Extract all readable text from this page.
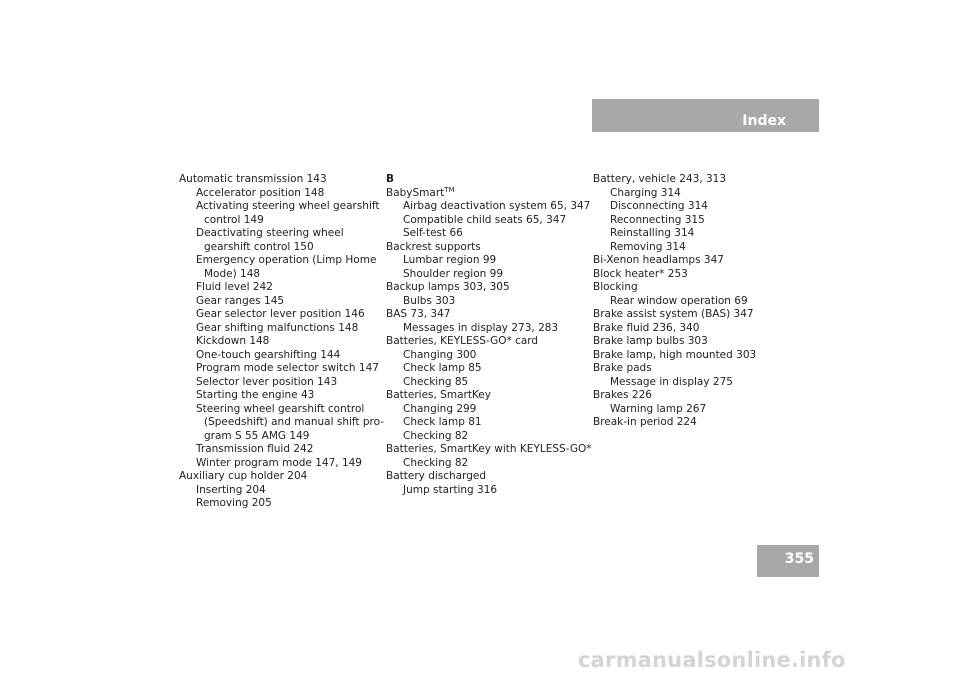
Index
Automatic transmission 143
Accelerator position 148
Activating steering wheel gearshift
control 149
Deactivating steering wheel
gearshift control 150
Emergency operation (Limp Home
Mode) 148
Fluid level 242
Gear ranges 145
Gear selector lever position 146
Gear shifting malfunctions 148
Kickdown 148
One-touch gearshifting 144
Program mode selector switch 147
Selector lever position 143
Starting the engine 43
Steering wheel gearshift control
(Speedshift) and manual shift pro-
gram S 55 AMG 149
Transmission fluid 242
Winter program mode 147, 149
Auxiliary cup holder 204
Inserting 204
Removing 205
B
BabySmart™
Airbag deactivation system 65, 347
Compatible child seats 65, 347
Self-test 66
Backrest supports
Lumbar region 99
Shoulder region 99
Backup lamps 303, 305
Bulbs 303
BAS 73, 347
Messages in display 273, 283
Batteries, KEYLESS-GO* card
Changing 300
Check lamp 85
Checking 85
Batteries, SmartKey
Changing 299
Check lamp 81
Checking 82
Batteries, SmartKey with KEYLESS-GO*
Checking 82
Battery discharged
Jump starting 316
Battery, vehicle 243, 313
Charging 314
Disconnecting 314
Reconnecting 315
Reinstalling 314
Removing 314
Bi-Xenon headlamps 347
Block heater* 253
Blocking
Rear window operation 69
Brake assist system (BAS) 347
Brake fluid 236, 340
Brake lamp bulbs 303
Brake lamp, high mounted 303
Brake pads
Message in display 275
Brakes 226
Warning lamp 267
Break-in period 224
355
carmanualsonline.info
